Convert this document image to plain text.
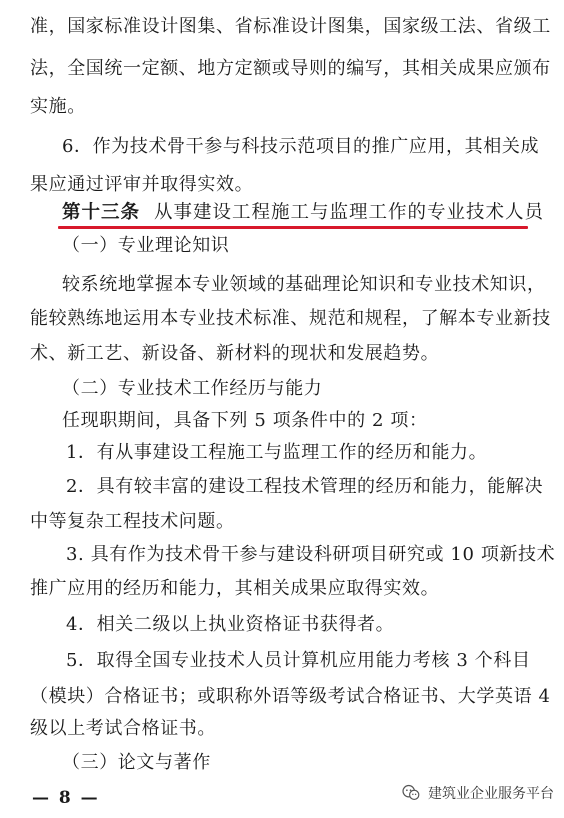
准，国家标准设计图集、省标准设计图集，国家级工法、省级工
法，全国统一定额、地方定额或导则的编写，其相关成果应颁布
实施。
6．作为技术骨干参与科技示范项目的推广应用，其相关成
果应通过评审并取得实效。
第十三条 从事建设工程施工与监理工作的专业技术人员
（一）专业理论知识
较系统地掌握本专业领域的基础理论知识和专业技术知识，
能较熟练地运用本专业技术标准、规范和规程，了解本专业新技
术、新工艺、新设备、新材料的现状和发展趋势。
（二）专业技术工作经历与能力
任现职期间，具备下列 5 项条件中的 2 项：
1．有从事建设工程施工与监理工作的经历和能力。
2．具有较丰富的建设工程技术管理的经历和能力，能解决
中等复杂工程技术问题。
3. 具有作为技术骨干参与建设科研项目研究或 10 项新技术
推广应用的经历和能力，其相关成果应取得实效。
4．相关二级以上执业资格证书获得者。
5．取得全国专业技术人员计算机应用能力考核 3 个科目
（模块）合格证书；或职称外语等级考试合格证书、大学英语 4
级以上考试合格证书。
（三）论文与著作
— 8 —	建筑业企业服务平台
